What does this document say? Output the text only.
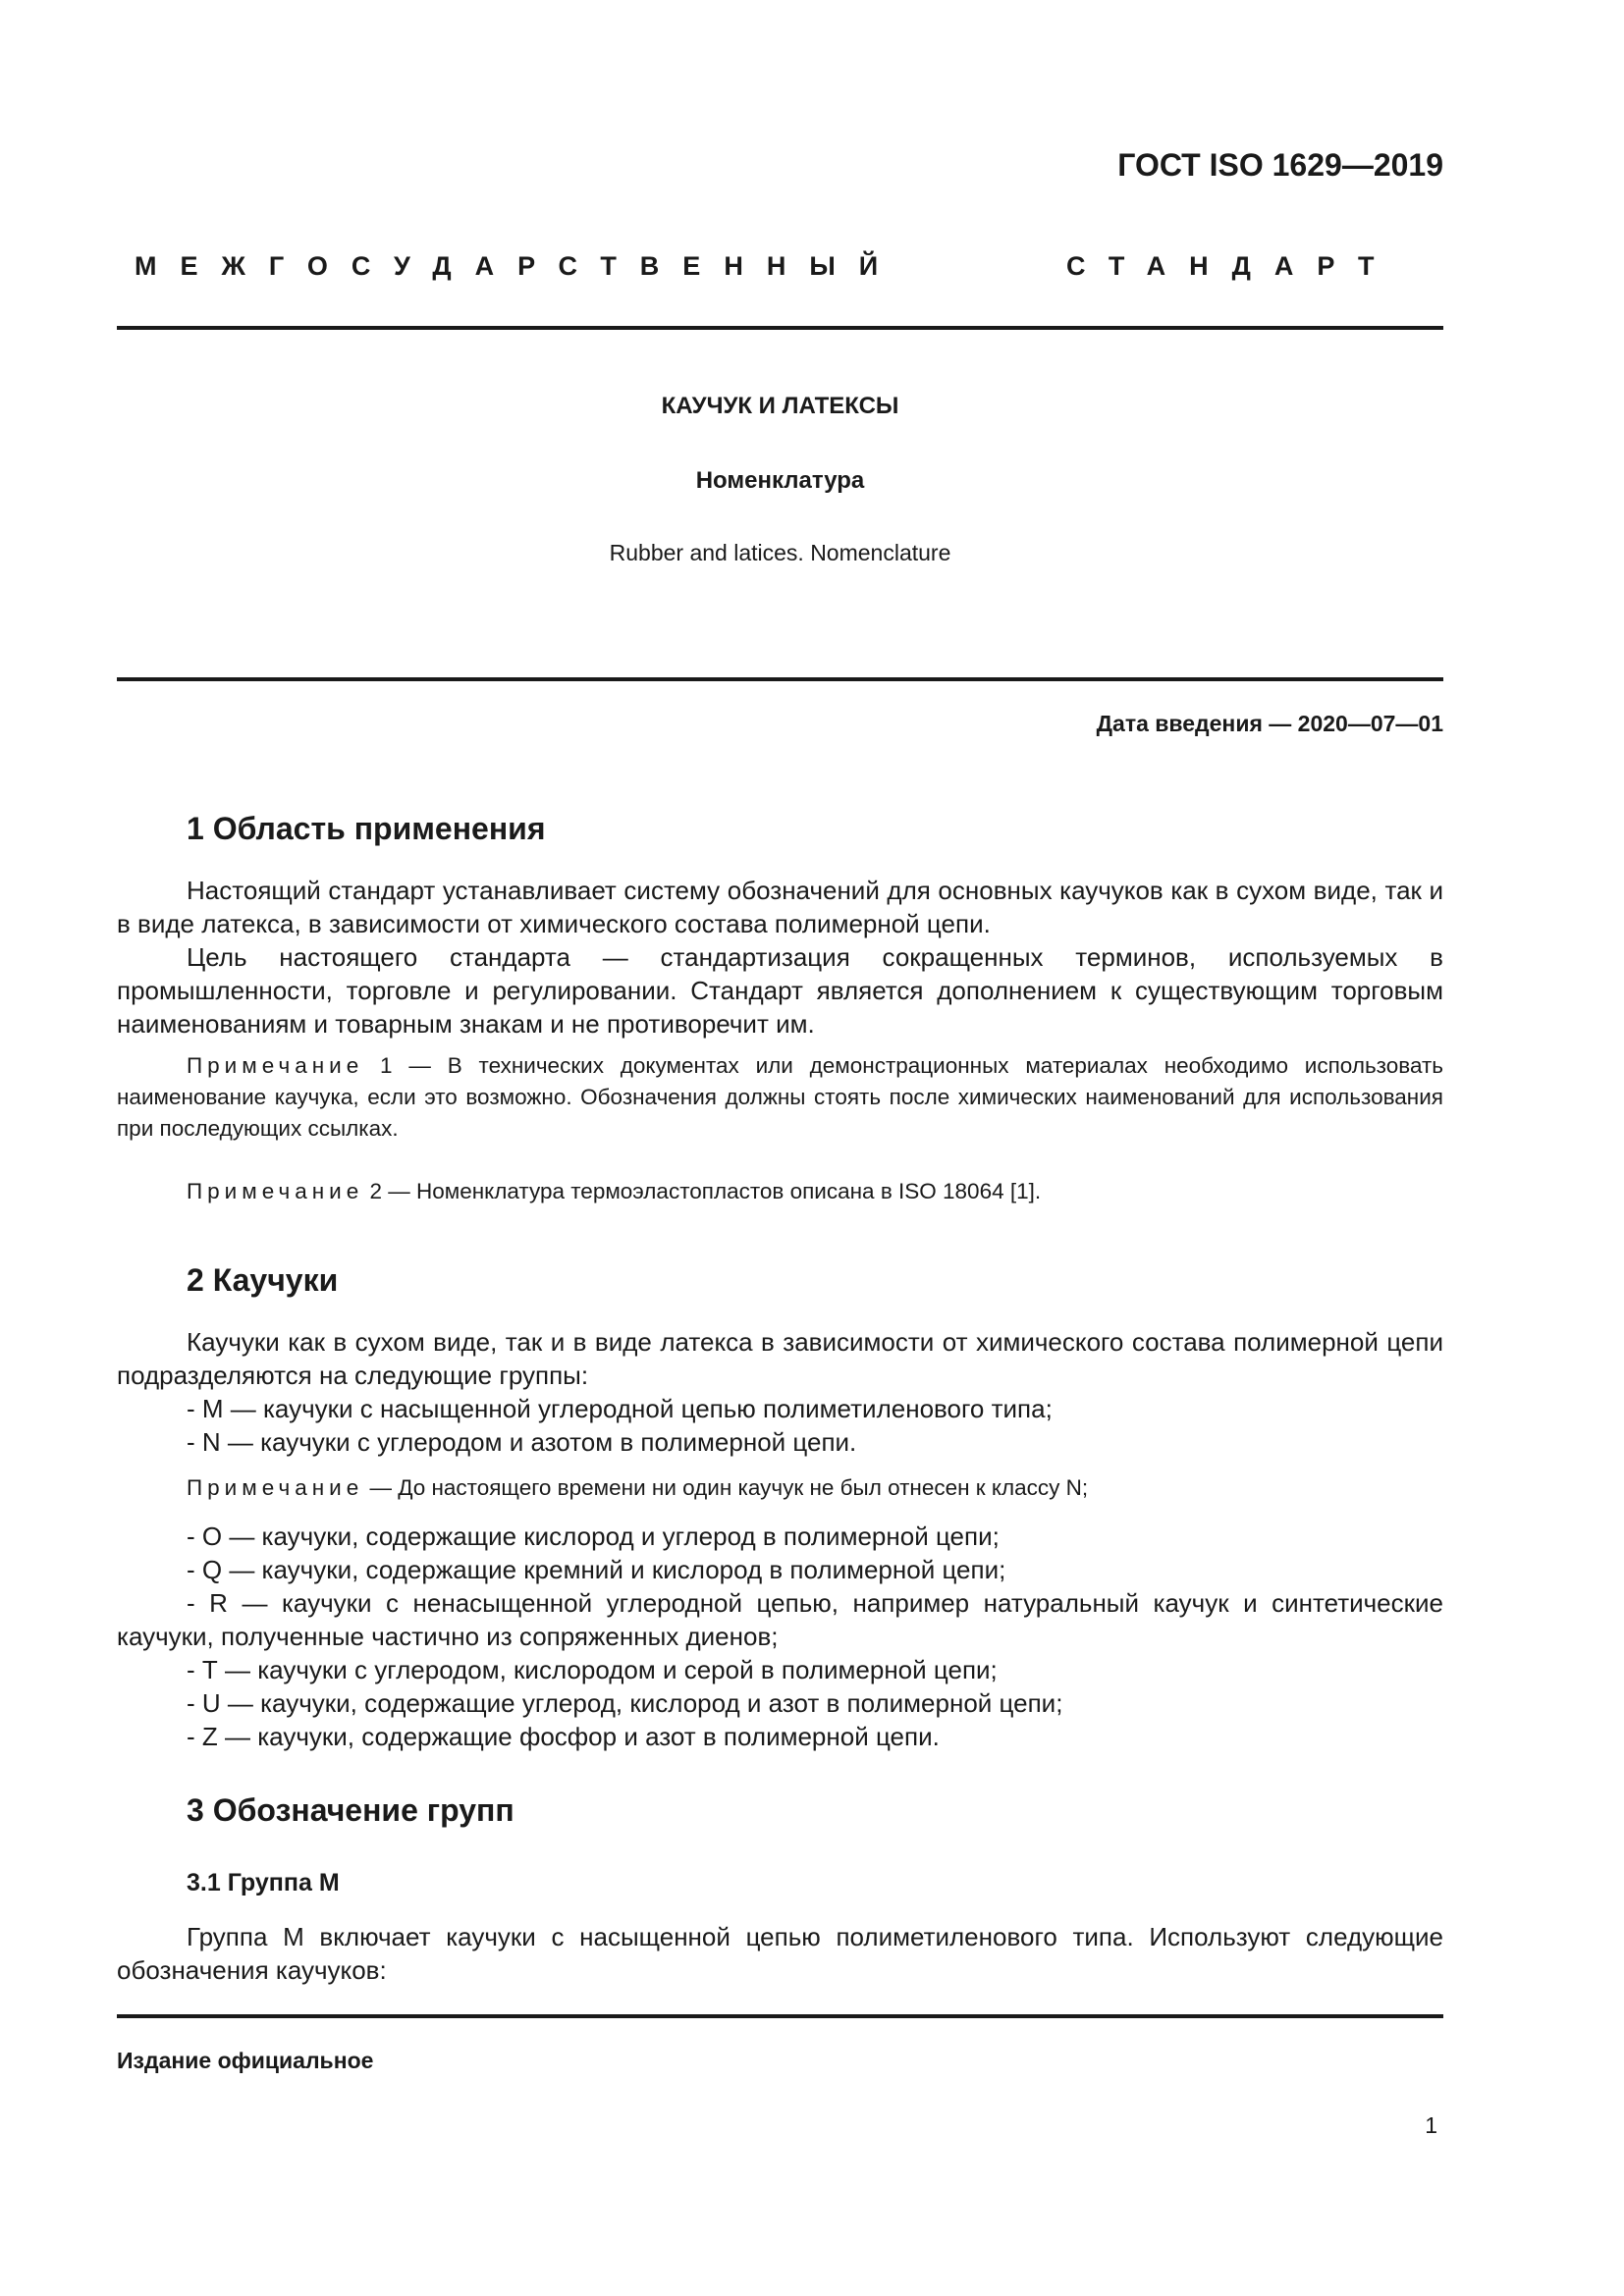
ГОСТ ISO 1629—2019
МЕЖГОСУДАРСТВЕННЫЙ	СТАНДАРТ
КАУЧУК И ЛАТЕКСЫ
Номенклатура
Rubber and latices. Nomenclature
Дата введения — 2020—07—01
1 Область применения

Настоящий стандарт устанавливает систему обозначений для основных каучуков как в сухом виде, так и в виде латекса, в зависимости от химического состава полимерной цепи.

Цель настоящего стандарта — стандартизация сокращенных терминов, используемых в промышленности, торговле и регулировании. Стандарт является дополнением к существующим торговым наименованиям и товарным знакам и не противоречит им.

Примечание 1 — В технических документах или демонстрационных материалах необходимо использовать наименование каучука, если это возможно. Обозначения должны стоять после химических наименований для использования при последующих ссылках.

Примечание 2 — Номенклатура термоэластопластов описана в ISO 18064 [1].

2 Каучуки

Каучуки как в сухом виде, так и в виде латекса в зависимости от химического состава полимерной цепи подразделяются на следующие группы:

- М — каучуки с насыщенной углеродной цепью полиметиленового типа;

- N — каучуки с углеродом и азотом в полимерной цепи.

Примечание — До настоящего времени ни один каучук не был отнесен к классу N;

- О — каучуки, содержащие кислород и углерод в полимерной цепи;

- Q — каучуки, содержащие кремний и кислород в полимерной цепи;

- R — каучуки с ненасыщенной углеродной цепью, например натуральный каучук и синтетические каучуки, полученные частично из сопряженных диенов;

- Т — каучуки с углеродом, кислородом и серой в полимерной цепи;

- U — каучуки, содержащие углерод, кислород и азот в полимерной цепи;

- Z — каучуки, содержащие фосфор и азот в полимерной цепи.

3 Обозначение групп
3.1 Группа М

Группа М включает каучуки с насыщенной цепью полиметиленового типа. Используют следующие обозначения каучуков:

Издание официальное
1
